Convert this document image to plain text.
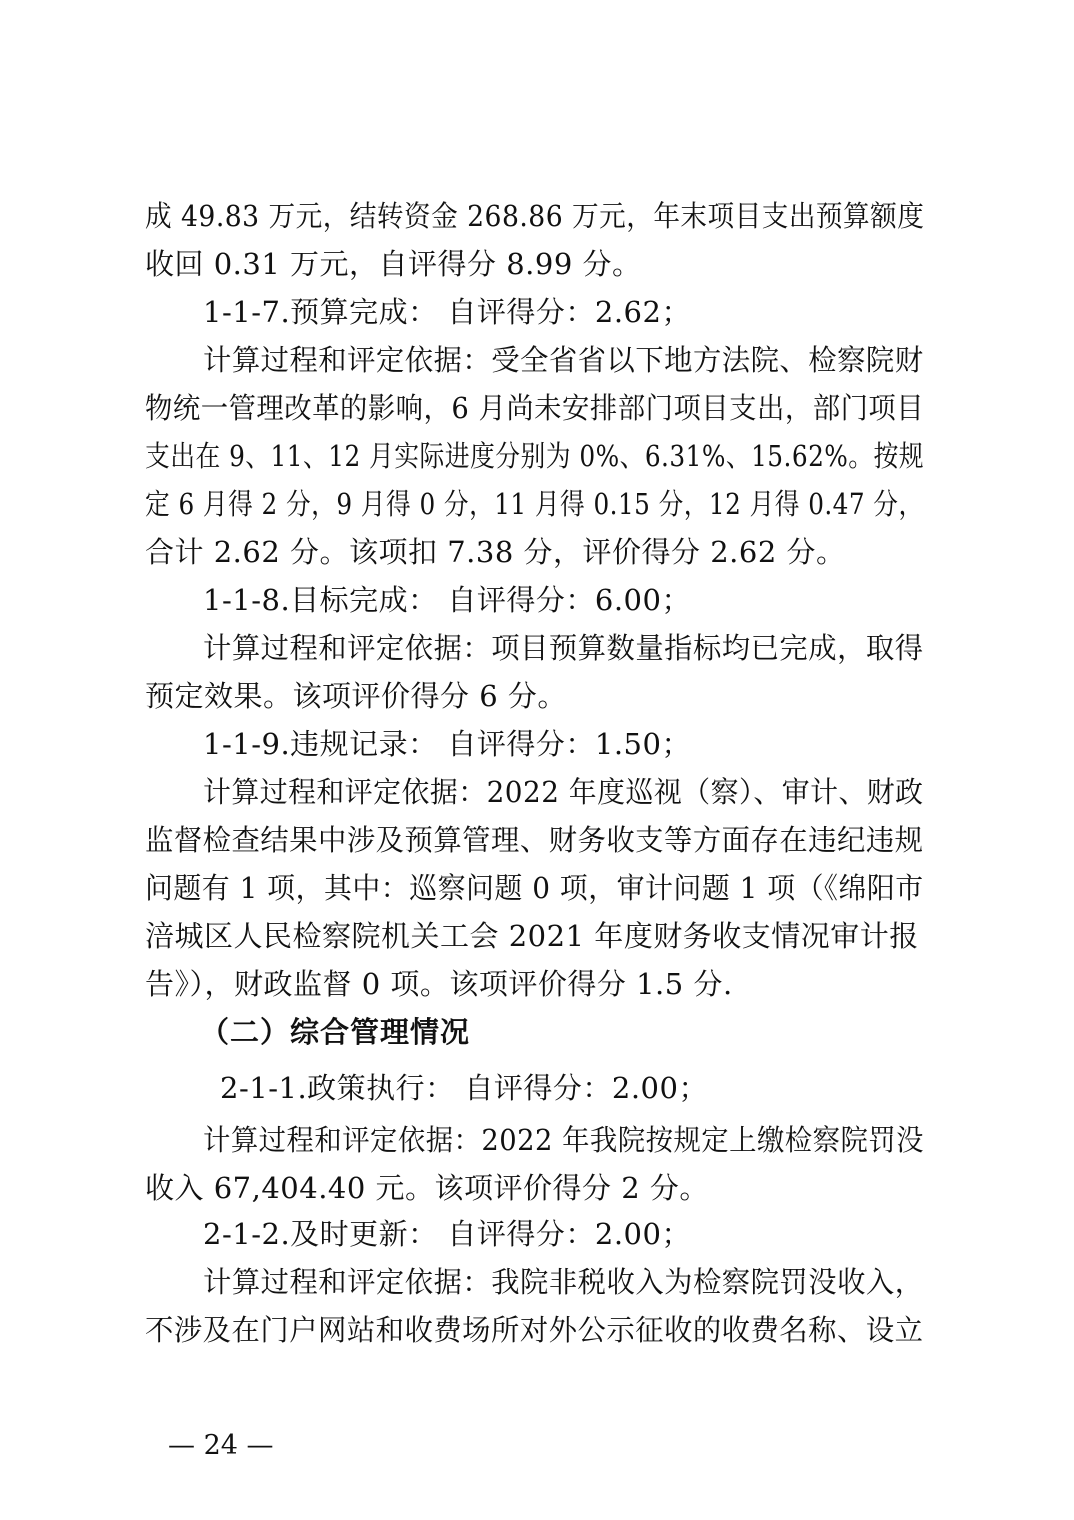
成 49.83 万元，结转资金 268.86 万元，年末项目支出预算额度
收回 0.31 万元，自评得分 8.99 分。
1-1-7.预算完成： 自评得分：2.62；
计算过程和评定依据：受全省省以下地方法院、检察院财
物统一管理改革的影响，6 月尚未安排部门项目支出，部门项目
支出在 9、11、12 月实际进度分别为 0%、6.31%、15.62%。按规
定 6 月得 2 分，9 月得 0 分，11 月得 0.15 分，12 月得 0.47 分，
合计 2.62 分。该项扣 7.38 分，评价得分 2.62 分。
1-1-8.目标完成： 自评得分：6.00；
计算过程和评定依据：项目预算数量指标均已完成，取得
预定效果。该项评价得分 6 分。
1-1-9.违规记录： 自评得分：1.50；
计算过程和评定依据：2022 年度巡视（察）、审计、财政
监督检查结果中涉及预算管理、财务收支等方面存在违纪违规
问题有 1 项，其中：巡察问题 0 项，审计问题 1 项（《绵阳市
涪城区人民检察院机关工会 2021 年度财务收支情况审计报
告》），财政监督 0 项。该项评价得分 1.5 分.
（二）综合管理情况
2-1-1.政策执行： 自评得分：2.00；
计算过程和评定依据：2022 年我院按规定上缴检察院罚没
收入 67,404.40 元。该项评价得分 2 分。
2-1-2.及时更新： 自评得分：2.00；
计算过程和评定依据：我院非税收入为检察院罚没收入，
不涉及在门户网站和收费场所对外公示征收的收费名称、设立
— 24 —
